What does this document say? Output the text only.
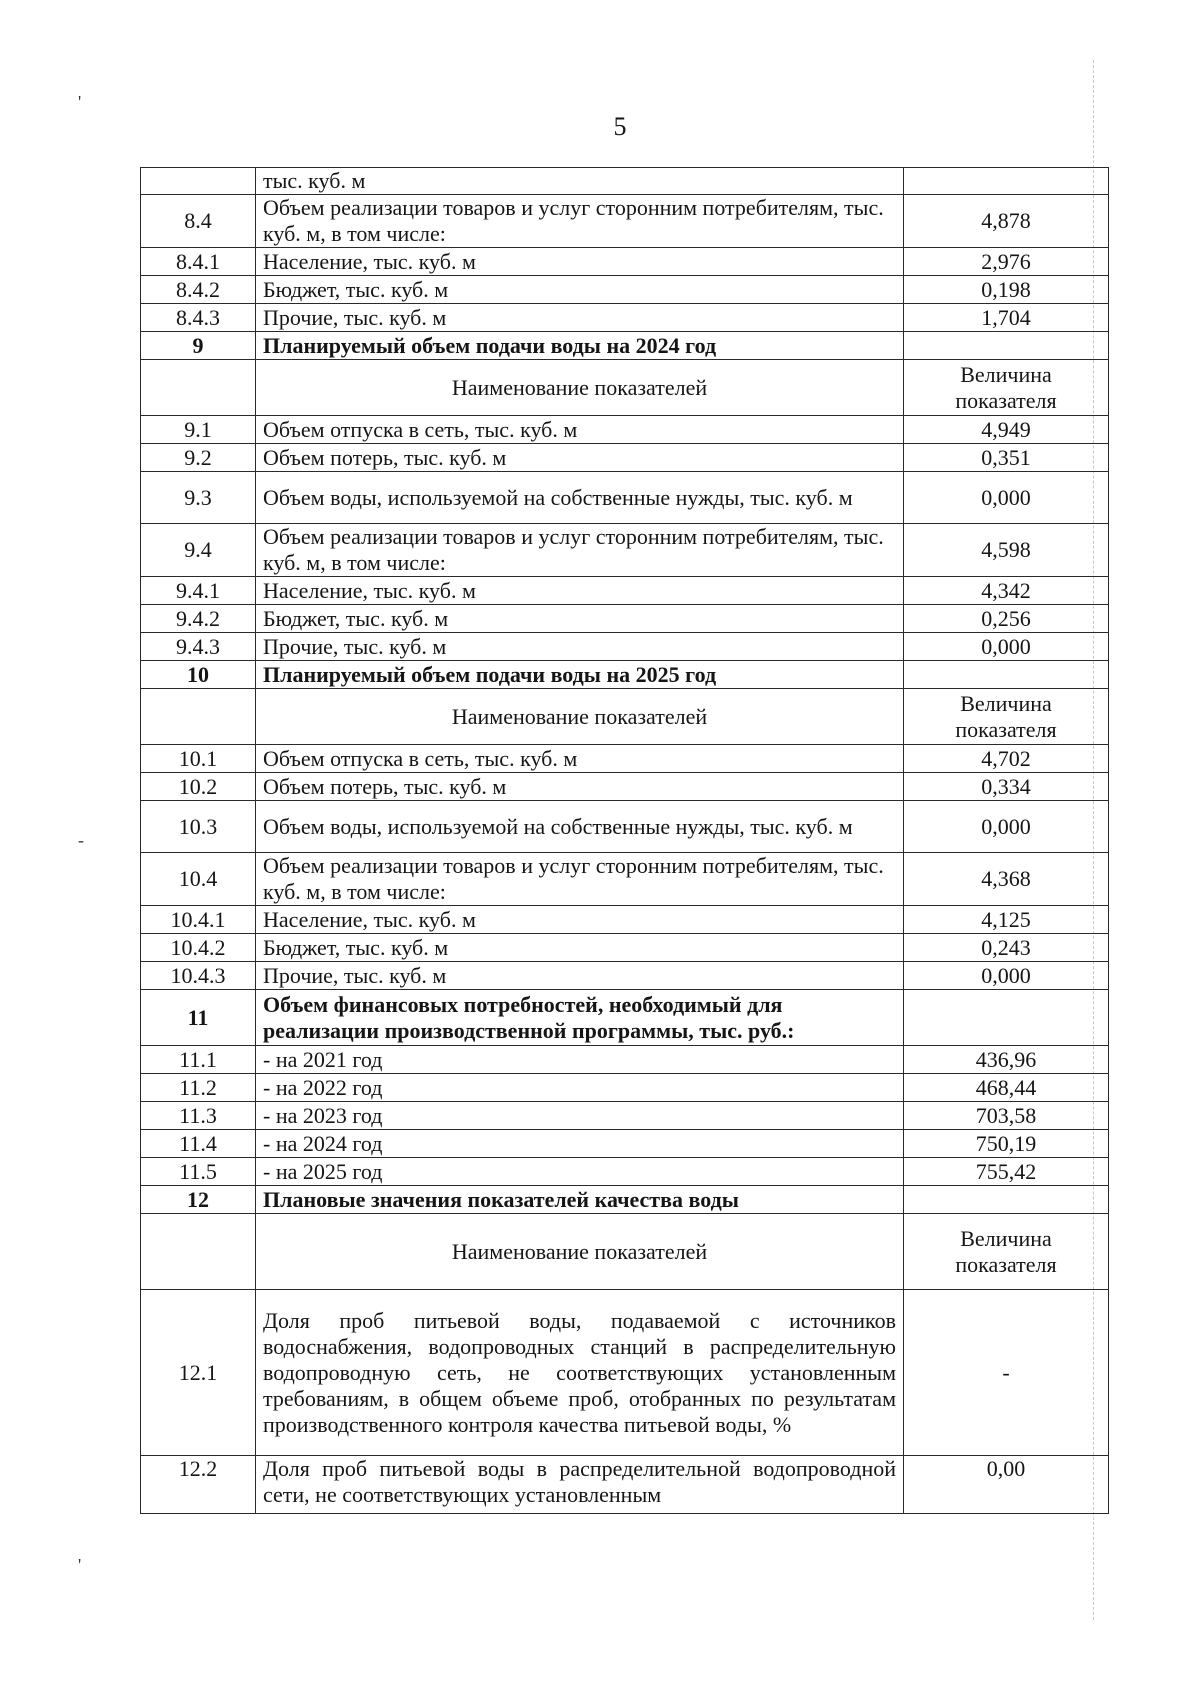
'
-
'
5
	тыс. куб. м	
8.4	Объем реализации товаров и услуг сторонним потребителям, тыс. куб. м, в том числе:	4,878
8.4.1	Население, тыс. куб. м	2,976
8.4.2	Бюджет, тыс. куб. м	0,198
8.4.3	Прочие, тыс. куб. м	1,704
9	Планируемый объем подачи воды на 2024 год	
	Наименование показателей	Величина показателя
9.1	Объем отпуска в сеть, тыс. куб. м	4,949
9.2	Объем потерь, тыс. куб. м	0,351
9.3	Объем воды, используемой на собственные нужды, тыс. куб. м	0,000
9.4	Объем реализации товаров и услуг сторонним потребителям, тыс. куб. м, в том числе:	4,598
9.4.1	Население, тыс. куб. м	4,342
9.4.2	Бюджет, тыс. куб. м	0,256
9.4.3	Прочие, тыс. куб. м	0,000
10	Планируемый объем подачи воды на 2025 год	
	Наименование показателей	Величина показателя
10.1	Объем отпуска в сеть, тыс. куб. м	4,702
10.2	Объем потерь, тыс. куб. м	0,334
10.3	Объем воды, используемой на собственные нужды, тыс. куб. м	0,000
10.4	Объем реализации товаров и услуг сторонним потребителям, тыс. куб. м, в том числе:	4,368
10.4.1	Население, тыс. куб. м	4,125
10.4.2	Бюджет, тыс. куб. м	0,243
10.4.3	Прочие, тыс. куб. м	0,000
11	Объем финансовых потребностей, необходимый для реализации производственной программы, тыс. руб.:	
11.1	- на 2021 год	436,96
11.2	- на 2022 год	468,44
11.3	- на 2023 год	703,58
11.4	- на 2024 год	750,19
11.5	- на 2025 год	755,42
12	Плановые значения показателей качества воды	
	Наименование показателей	Величина показателя
12.1	Доля проб питьевой воды, подаваемой с источников водоснабжения, водопроводных станций в распределительную водопроводную сеть, не соответствующих установленным требованиям, в общем объеме проб, отобранных по результатам производственного контроля качества питьевой воды, %	-
12.2	Доля проб питьевой воды в распределительной водопроводной сети, не соответствующих установленным	0,00
